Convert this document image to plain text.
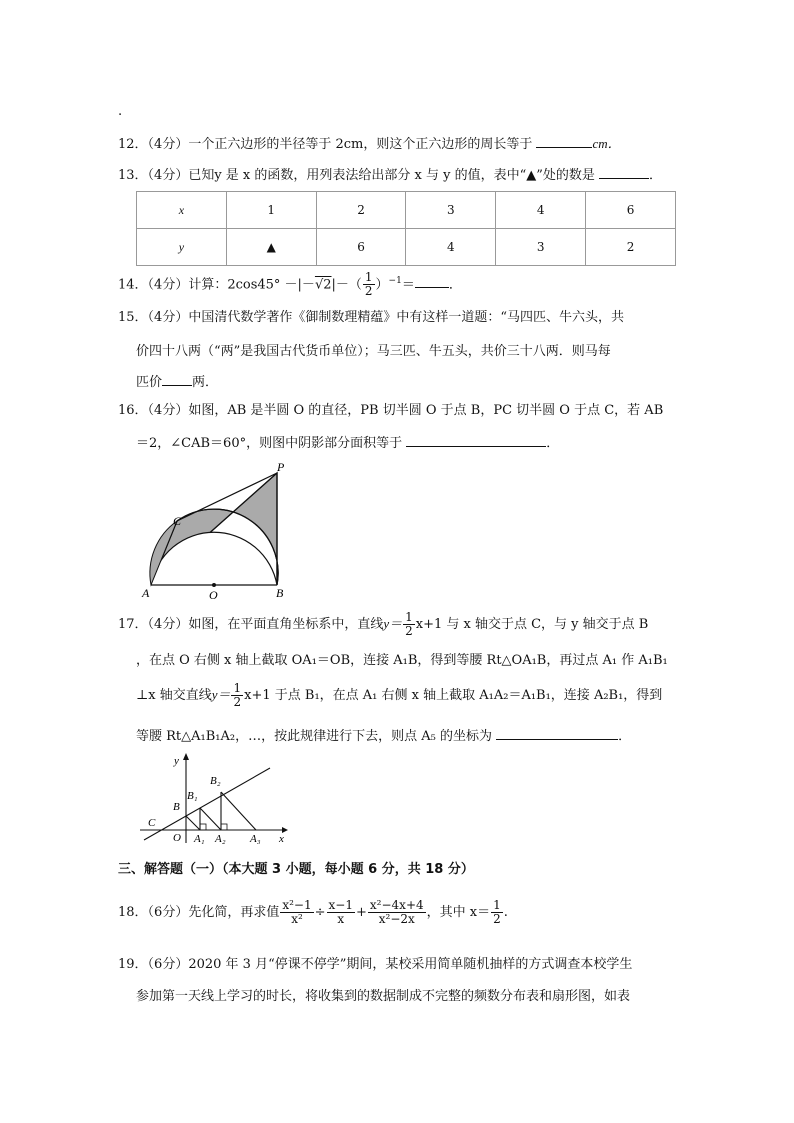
.
12．（4分）一个正六边形的半径等于 2cm，则这个正六边形的周长等于	cm．
13．（4分）已知y 是 x 的函数，用列表法给出部分 x 与 y 的值，表中“▲”处的数是	．
x	1	2	3	4	6
y	▲	6	4	3	2
14．（4分）计算：$2\cos 45^\circ -|-√2|-( \frac{1}{2} )^{-1}=$	．
15．（4分）中国清代数学著作《御制数理精蕴》中有这样一道题：“马四匹、牛六头，共
价四十八两（“两”是我国古代货币单位）；马三匹、牛五头，共价三十八两．则马每
匹价 两．
16．（4分）如图，AB 是半圆 O 的直径，PB 切半圆 O 于点 B，PC 切半圆 O 于点 C，若 AB
＝2，∠CAB＝60°，则图中阴影部分面积等于	．
P
C
A	O	B
17．（4分）如图，在平面直角坐标系中，直线$y= \frac{1}{2} x+1$ 与 x 轴交于点 C，与 y 轴交于点 B
，在点 O 右侧 x 轴上截取 OA₁＝OB，连接 A₁B，得到等腰 Rt△OA₁B，再过点 A₁ 作 A₁B₁
⊥x 轴交直线$y= \frac{1}{2} x+1$ 于点 B₁，在点 A₁ 右侧 x 轴上截取 A₁A₂＝A₁B₁，连接 A₂B₁，得到
等腰 Rt△A₁B₁A₂，…，按此规律进行下去，则点 A₅ 的坐标为	．
y
x
B₂
B₁
B
C
O A₁ A₂ A₃
三、解答题（一）（本大题 3 小题，每小题 6 分，共 18 分）
18．（6分）先化简，再求值 $\frac{\text{x²−1}}{\text{x²}} \div \frac{x-1}{x} + \frac{\text{x²−4x+4}}{\text{x²−2x}}$ ，其中 $x= \frac{1}{2}$ .
19．（6分）2020 年 3 月“停课不停学”期间，某校采用简单随机抽样的方式调查本校学生
参加第一天线上学习的时长，将收集到的数据制成不完整的频数分布表和扇形图，如表
